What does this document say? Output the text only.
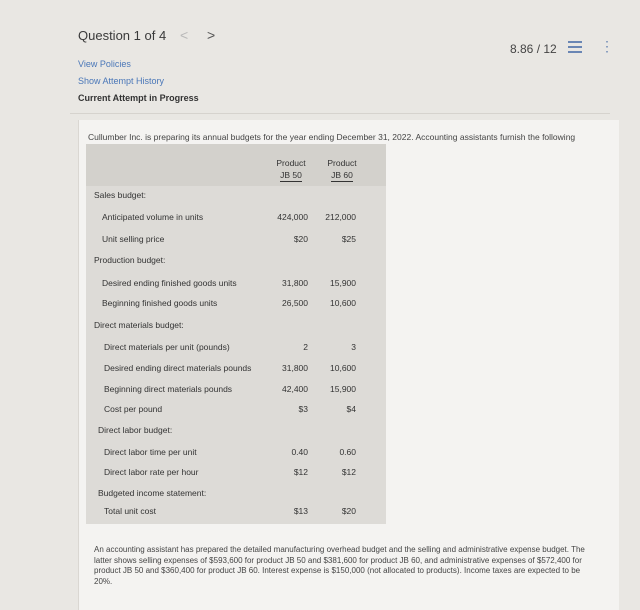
Question 1 of 4 < >
8.86 / 12	⋮
View Policies
Show Attempt History
Current Attempt in Progress
Cullumber Inc. is preparing its annual budgets for the year ending December 31, 2022. Accounting assistants furnish the following
Product
JB 50
Product
JB 60
Sales budget:
Anticipated volume in units	424,000	212,000
Unit selling price	$20	$25
Production budget:
Desired ending finished goods units	31,800	15,900
Beginning finished goods units	26,500	10,600
Direct materials budget:
Direct materials per unit (pounds)	2	3
Desired ending direct materials pounds	31,800	10,600
Beginning direct materials pounds	42,400	15,900
Cost per pound	$3	$4
Direct labor budget:
Direct labor time per unit	0.40	0.60
Direct labor rate per hour	$12	$12
Budgeted income statement:
Total unit cost	$13	$20
An accounting assistant has prepared the detailed manufacturing overhead budget and the selling and administrative expense budget. The latter shows selling expenses of $593,600 for product JB 50 and $381,600 for product JB 60, and administrative expenses of $572,400 for product JB 50 and $360,400 for product JB 60. Interest expense is $150,000 (not allocated to products). Income taxes are expected to be 20%.
